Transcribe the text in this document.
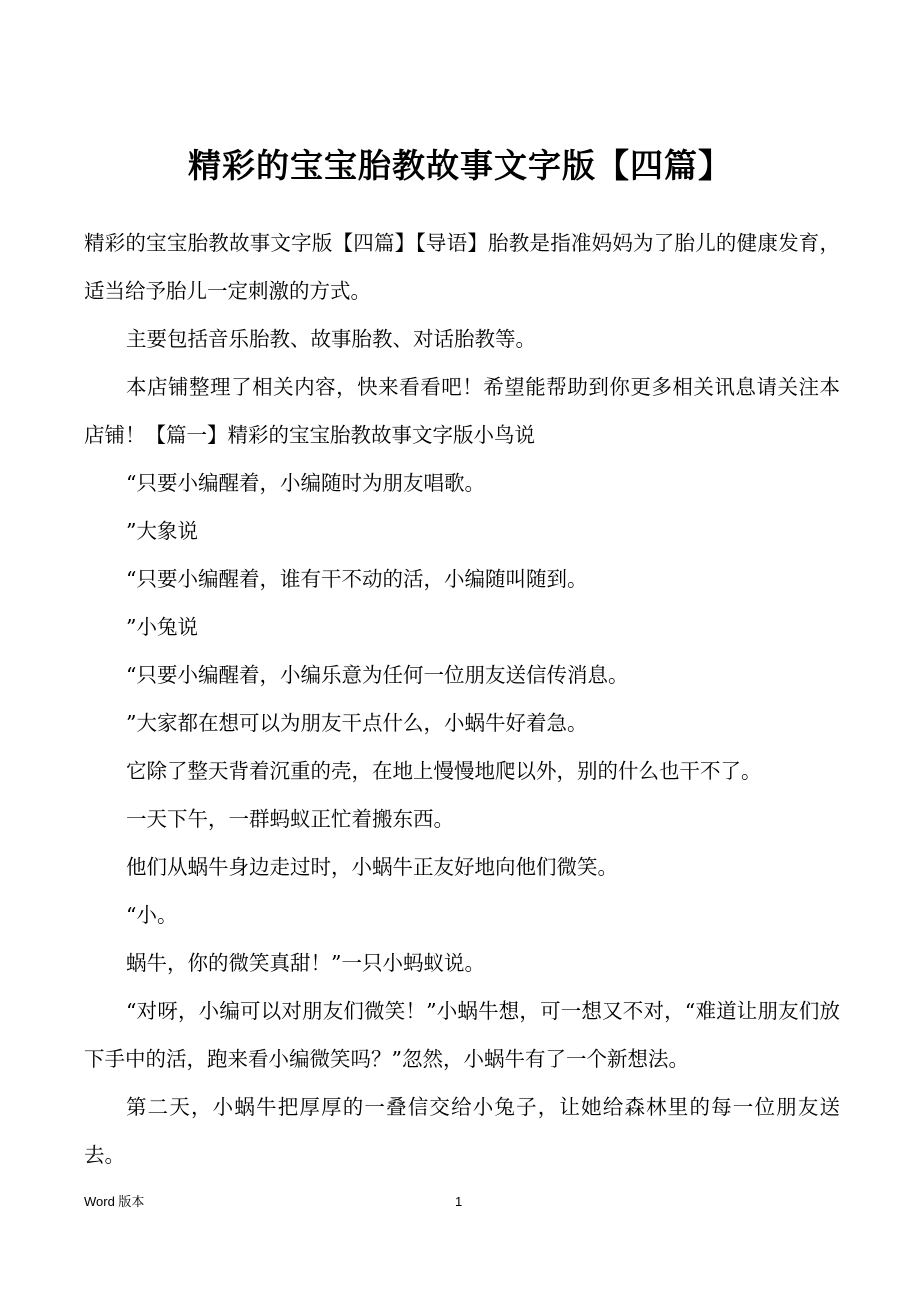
精彩的宝宝胎教故事文字版【四篇】

精彩的宝宝胎教故事文字版【四篇】【导语】胎教是指准妈妈为了胎儿的健康发育，适当给予胎儿一定刺激的方式。

主要包括音乐胎教、故事胎教、对话胎教等。

本店铺整理了相关内容，快来看看吧！希望能帮助到你更多相关讯息请关注本店铺！【篇一】精彩的宝宝胎教故事文字版小鸟说

“只要小编醒着，小编随时为朋友唱歌。

”大象说

“只要小编醒着，谁有干不动的活，小编随叫随到。

”小兔说

“只要小编醒着，小编乐意为任何一位朋友送信传消息。

”大家都在想可以为朋友干点什么，小蜗牛好着急。

它除了整天背着沉重的壳，在地上慢慢地爬以外，别的什么也干不了。

一天下午，一群蚂蚁正忙着搬东西。

他们从蜗牛身边走过时，小蜗牛正友好地向他们微笑。

“小。

蜗牛，你的微笑真甜！”一只小蚂蚁说。

“对呀，小编可以对朋友们微笑！”小蜗牛想，可一想又不对，“难道让朋友们放下手中的活，跑来看小编微笑吗？”忽然，小蜗牛有了一个新想法。

第二天，小蜗牛把厚厚的一叠信交给小兔子，让她给森林里的每一位朋友送去。

Word 版本	1
